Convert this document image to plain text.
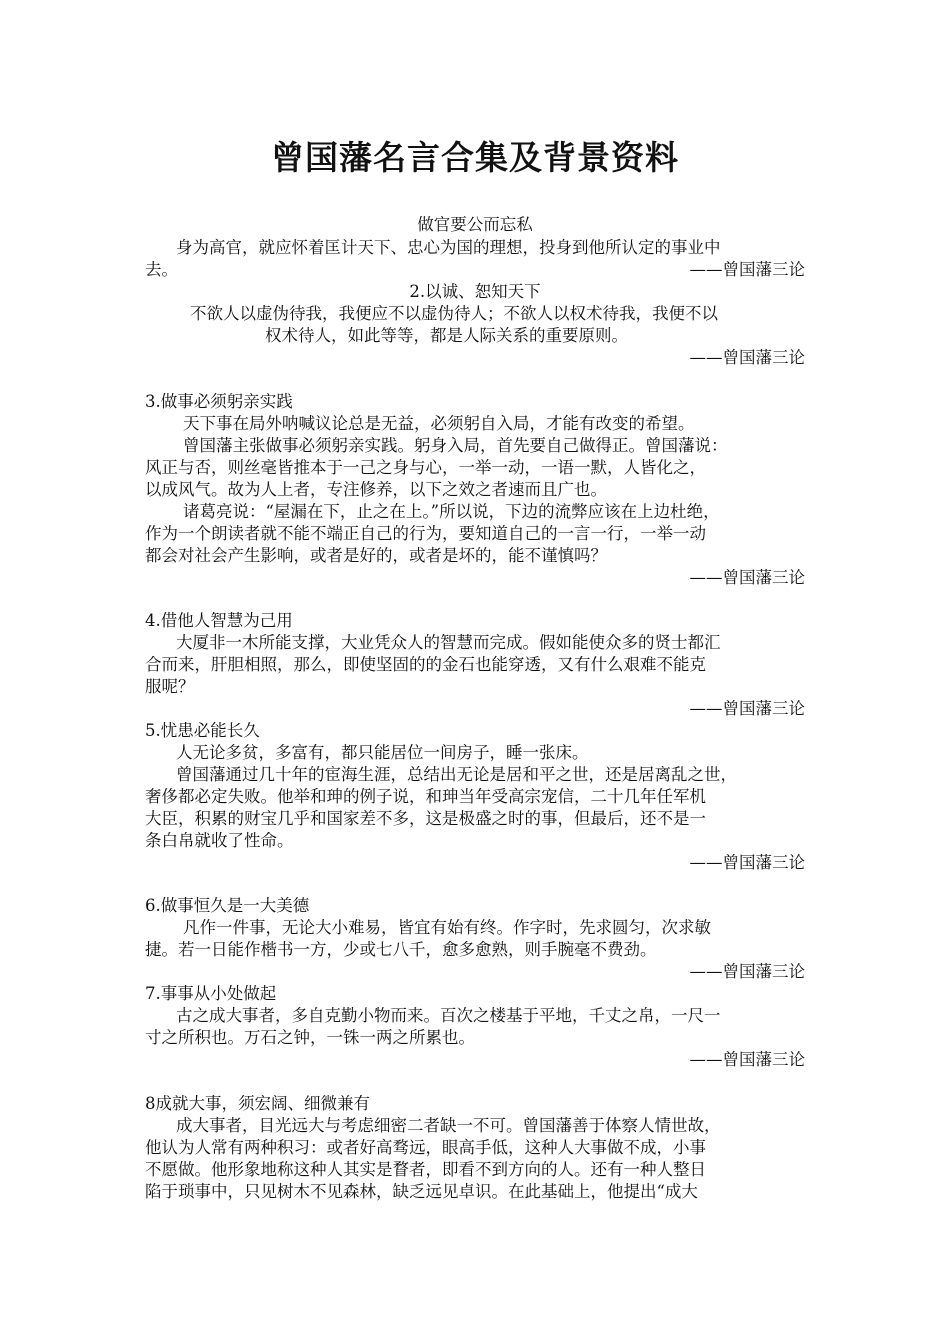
曾国藩名言合集及背景资料
做官要公而忘私
身为高官，就应怀着匡计天下、忠心为国的理想，投身到他所认定的事业中
去。	——曾国藩三论
2.以诚、恕知天下
不欲人以虚伪待我，我便应不以虚伪待人；不欲人以权术待我，我便不以
权术待人，如此等等，都是人际关系的重要原则。
——曾国藩三论
3.做事必须躬亲实践
天下事在局外呐喊议论总是无益，必须躬自入局，才能有改变的希望。
曾国藩主张做事必须躬亲实践。躬身入局，首先要自己做得正。曾国藩说：
风正与否，则丝毫皆推本于一己之身与心，一举一动，一语一默，人皆化之，
以成风气。故为人上者，专注修养，以下之效之者速而且广也。
诸葛亮说：“屋漏在下，止之在上。”所以说，下边的流弊应该在上边杜绝，
作为一个朗读者就不能不端正自己的行为，要知道自己的一言一行，一举一动
都会对社会产生影响，或者是好的，或者是坏的，能不谨慎吗？
——曾国藩三论
4.借他人智慧为己用
大厦非一木所能支撑，大业凭众人的智慧而完成。假如能使众多的贤士都汇
合而来，肝胆相照，那么，即使坚固的的金石也能穿透，又有什么艰难不能克
服呢？
——曾国藩三论
5.忧患必能长久
人无论多贫，多富有，都只能居位一间房子，睡一张床。
曾国藩通过几十年的宦海生涯，总结出无论是居和平之世，还是居离乱之世，
奢侈都必定失败。他举和珅的例子说，和珅当年受高宗宠信，二十几年任军机
大臣，积累的财宝几乎和国家差不多，这是极盛之时的事，但最后，还不是一
条白帛就收了性命。
——曾国藩三论
6.做事恒久是一大美德
凡作一件事，无论大小难易，皆宜有始有终。作字时，先求圆匀，次求敏
捷。若一日能作楷书一方，少或七八千，愈多愈熟，则手腕毫不费劲。
——曾国藩三论
7.事事从小处做起
古之成大事者，多自克勤小物而来。百次之楼基于平地，千丈之帛，一尺一
寸之所积也。万石之钟，一铢一两之所累也。
——曾国藩三论
8成就大事，须宏阔、细微兼有
成大事者，目光远大与考虑细密二者缺一不可。曾国藩善于体察人情世故，
他认为人常有两种积习：或者好高骛远，眼高手低，这种人大事做不成，小事
不愿做。他形象地称这种人其实是瞀者，即看不到方向的人。还有一种人整日
陷于琐事中，只见树木不见森林，缺乏远见卓识。在此基础上，他提出“成大
